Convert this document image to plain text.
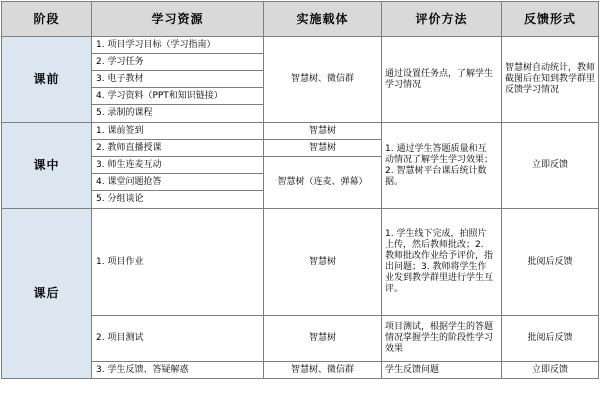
阶段	学习资源	实施载体	评价方法	反馈形式
课前	1. 项目学习目标（学习指南）	智慧树、微信群	通过设置任务点，了解学生学习情况	智慧树自动统计，教师截图后在知到教学群里反馈学习情况
	2. 学习任务			
	3. 电子教材			
	4. 学习资料（PPT和知识链接）			
	5. 录制的课程			
课中	1. 课前签到	智慧树	1. 通过学生答题质量和互动情况了解学生学习效果；2. 智慧树平台课后统计数据。	立即反馈
	2. 教师直播授课	智慧树		
	3. 师生连麦互动	智慧树（连麦、弹幕）		
	4. 课堂问题抢答			
	5. 分组谈论			
课后	1. 项目作业	智慧树	1. 学生线下完成，拍照片上传，然后教师批改；2. 教师批改作业给予评价，指出问题；3. 教师将学生作业发到教学群里进行学生互评。	批阅后反馈
	2. 项目测试	智慧树	项目测试，根据学生的答题情况掌握学生的阶段性学习效果	批阅后反馈
	3. 学生反馈、答疑解惑	智慧树、微信群	学生反馈问题	立即反馈
